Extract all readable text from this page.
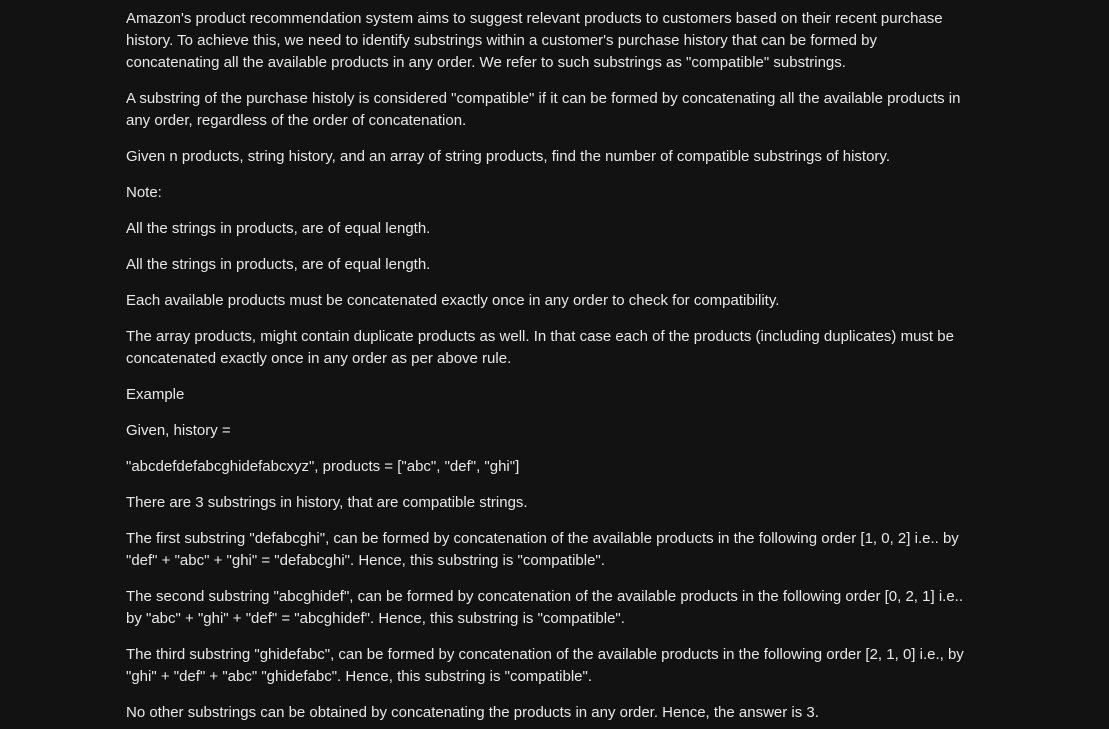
Amazon's product recommendation system aims to suggest relevant products to customers based on their recent purchase history. To achieve this, we need to identify substrings within a customer's purchase history that can be formed by concatenating all the available products in any order. We refer to such substrings as "compatible" substrings.

A substring of the purchase histoly is considered "compatible" if it can be formed by concatenating all the available products in any order, regardless of the order of concatenation.

Given n products, string history, and an array of string products, find the number of compatible substrings of history.

Note:

All the strings in products, are of equal length.

All the strings in products, are of equal length.

Each available products must be concatenated exactly once in any order to check for compatibility.

The array products, might contain duplicate products as well. In that case each of the products (including duplicates) must be concatenated exactly once in any order as per above rule.

Example

Given, history =

"abcdefdefabcghidefabcxyz", products = ["abc", "def", "ghi"]

There are 3 substrings in history, that are compatible strings.

The first substring "defabcghi", can be formed by concatenation of the available products in the following order [1, 0, 2] i.e.. by "def" + "abc" + "ghi" = "defabcghi". Hence, this substring is "compatible".

The second substring "abcghidef", can be formed by concatenation of the available products in the following order [0, 2, 1] i.e.. by "abc" + "ghi" + "def" = "abcghidef". Hence, this substring is "compatible".

The third substring "ghidefabc", can be formed by concatenation of the available products in the following order [2, 1, 0] i.e., by "ghi" + "def" + "abc" "ghidefabc". Hence, this substring is "compatible".

No other substrings can be obtained by concatenating the products in any order. Hence, the answer is 3.
